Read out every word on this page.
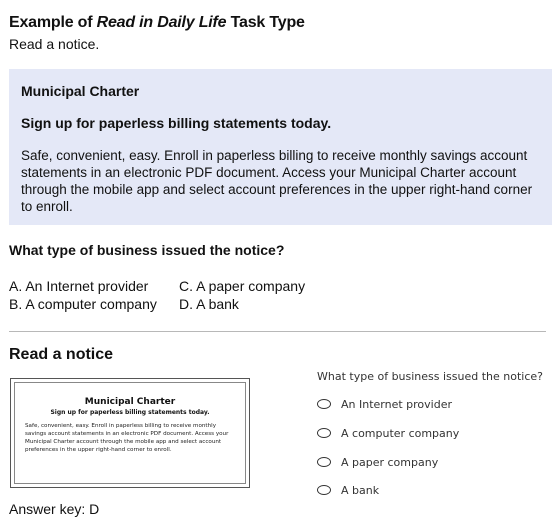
Example of Read in Daily Life Task Type
Read a notice.
Municipal Charter
Sign up for paperless billing statements today.
Safe, convenient, easy. Enroll in paperless billing to receive monthly savings account statements in an electronic PDF document. Access your Municipal Charter account through the mobile app and select account preferences in the upper right-hand corner to enroll.
What type of business issued the notice?
A. An Internet provider
B. A computer company
C. A paper company
D. A bank
Read a notice
Municipal Charter
Sign up for paperless billing statements today.
Safe, convenient, easy. Enroll in paperless billing to receive monthly savings account statements in an electronic PDF document. Access your Municipal Charter account through the mobile app and select account preferences in the upper right-hand corner to enroll.
Answer key: D
What type of business issued the notice?
An Internet provider
A computer company
A paper company
A bank
